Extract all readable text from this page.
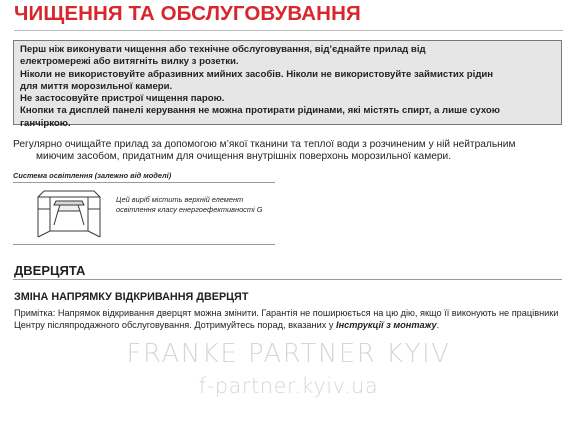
ЧИЩЕННЯ ТА ОБСЛУГОВУВАННЯ
Перш ніж виконувати чищення або технічне обслуговування, від’єднайте прилад від
електромережі або витягніть вилку з розетки.
Ніколи не використовуйте абразивних мийних засобів. Ніколи не використовуйте займистих рідин
для миття морозильної камери.
Не застосовуйте пристрої чищення парою.
Кнопки та дисплей панелі керування не можна протирати рідинами, які містять спирт, а лише сухою
ганчіркою.

Регулярно очищайте прилад за допомогою м’якої тканини та теплої води з розчиненим у ній нейтральним

миючим засобом, придатним для очищення внутрішніх поверхонь морозильної камери.

Система освітлення (залежно від моделі)

Цей виріб містить верхній елемент
освітлення класу енергоефективності G

ДВЕРЦЯТА
ЗМІНА НАПРЯМКУ ВІДКРИВАННЯ ДВЕРЦЯТ

Примітка: Напрямок відкривання дверцят можна змінити. Гарантія не поширюється на цю дію, якщо її виконують не працівники Центру післяпродажного обслуговування. Дотримуйтесь порад, вказаних у Інструкції з монтажу.

FRANKE PARTNER KYIV
f-partner.kyiv.ua
